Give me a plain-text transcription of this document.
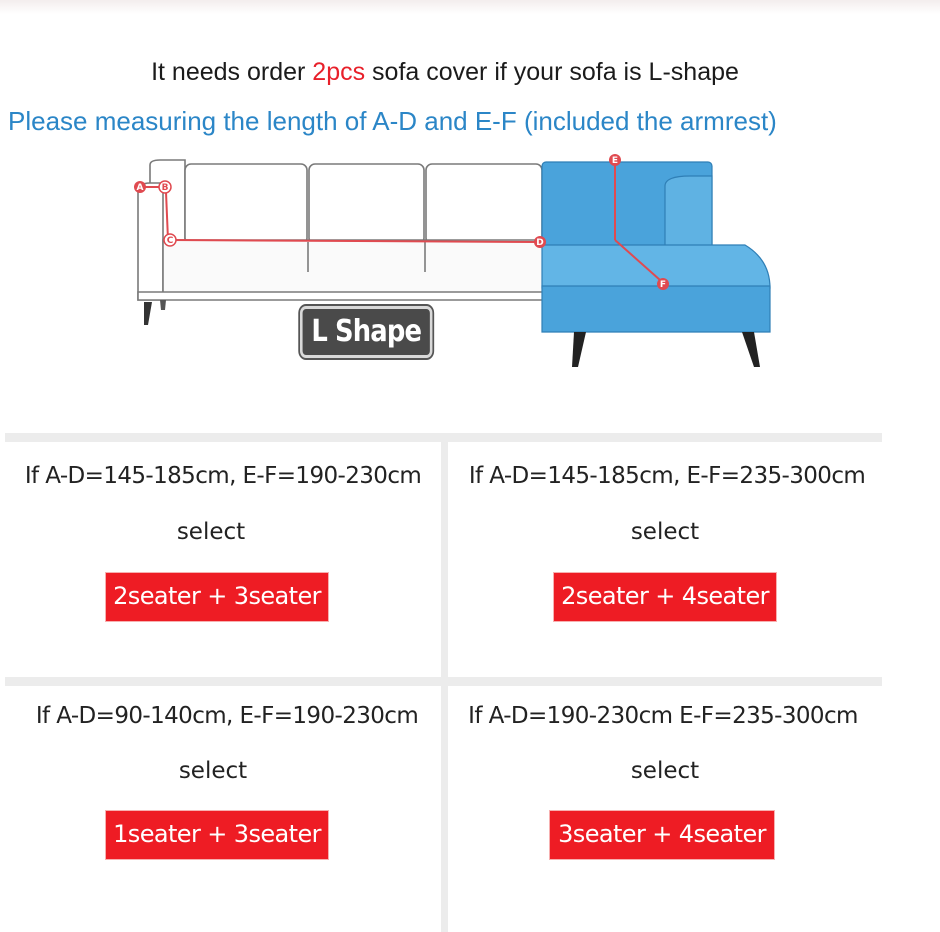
It needs order 2pcs sofa cover if your sofa is L-shape
Please measuring the length of A-D and E-F (included the armrest)
A B
C	D
E
F
L Shape
If A-D=145-185cm, E-F=190-230cm
select
2seater + 3seater
If A-D=145-185cm, E-F=235-300cm
select
2seater + 4seater
If A-D=90-140cm, E-F=190-230cm
select
1seater + 3seater
If A-D=190-230cm E-F=235-300cm
select
3seater + 4seater
